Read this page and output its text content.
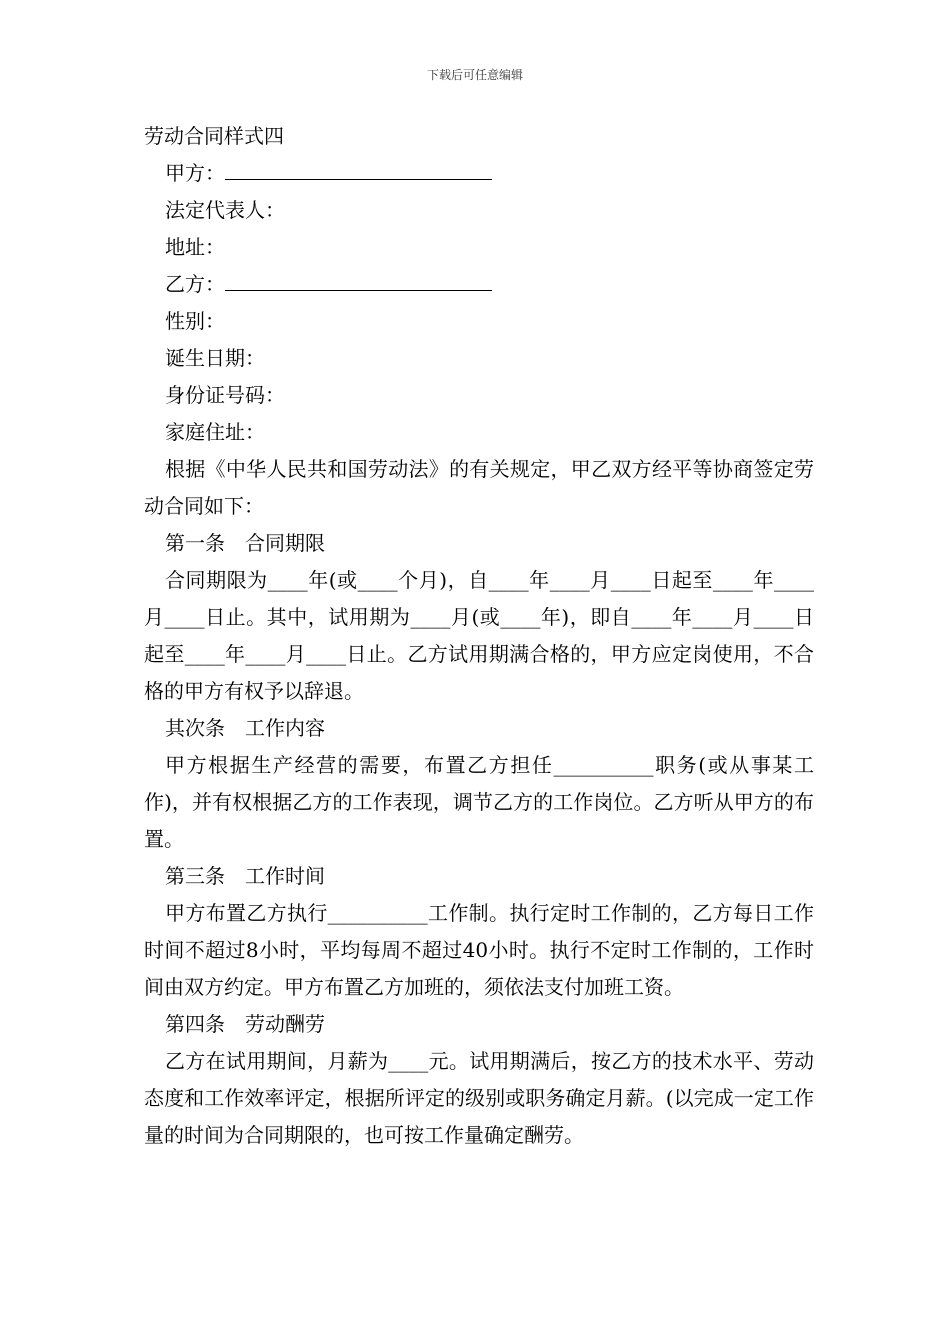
下载后可任意编辑
劳动合同样式四

甲方：

法定代表人：

地址：

乙方：

性别：

诞生日期：

身份证号码：

家庭住址：

根据《中华人民共和国劳动法》的有关规定，甲乙双方经平等协商签定劳动合同如下：

第一条　合同期限

合同期限为____年(或____个月)，自____年____月____日起至____年____月____日止。其中，试用期为____月(或____年)，即自____年____月____日起至____年____月____日止。乙方试用期满合格的，甲方应定岗使用，不合格的甲方有权予以辞退。

其次条　工作内容

甲方根据生产经营的需要，布置乙方担任__________职务(或从事某工作)，并有权根据乙方的工作表现，调节乙方的工作岗位。乙方听从甲方的布置。

第三条　工作时间

甲方布置乙方执行__________工作制。执行定时工作制的，乙方每日工作时间不超过8小时，平均每周不超过40小时。执行不定时工作制的，工作时间由双方约定。甲方布置乙方加班的，须依法支付加班工资。

第四条　劳动酬劳

乙方在试用期间，月薪为____元。试用期满后，按乙方的技术水平、劳动态度和工作效率评定，根据所评定的级别或职务确定月薪。(以完成一定工作量的时间为合同期限的，也可按工作量确定酬劳。
